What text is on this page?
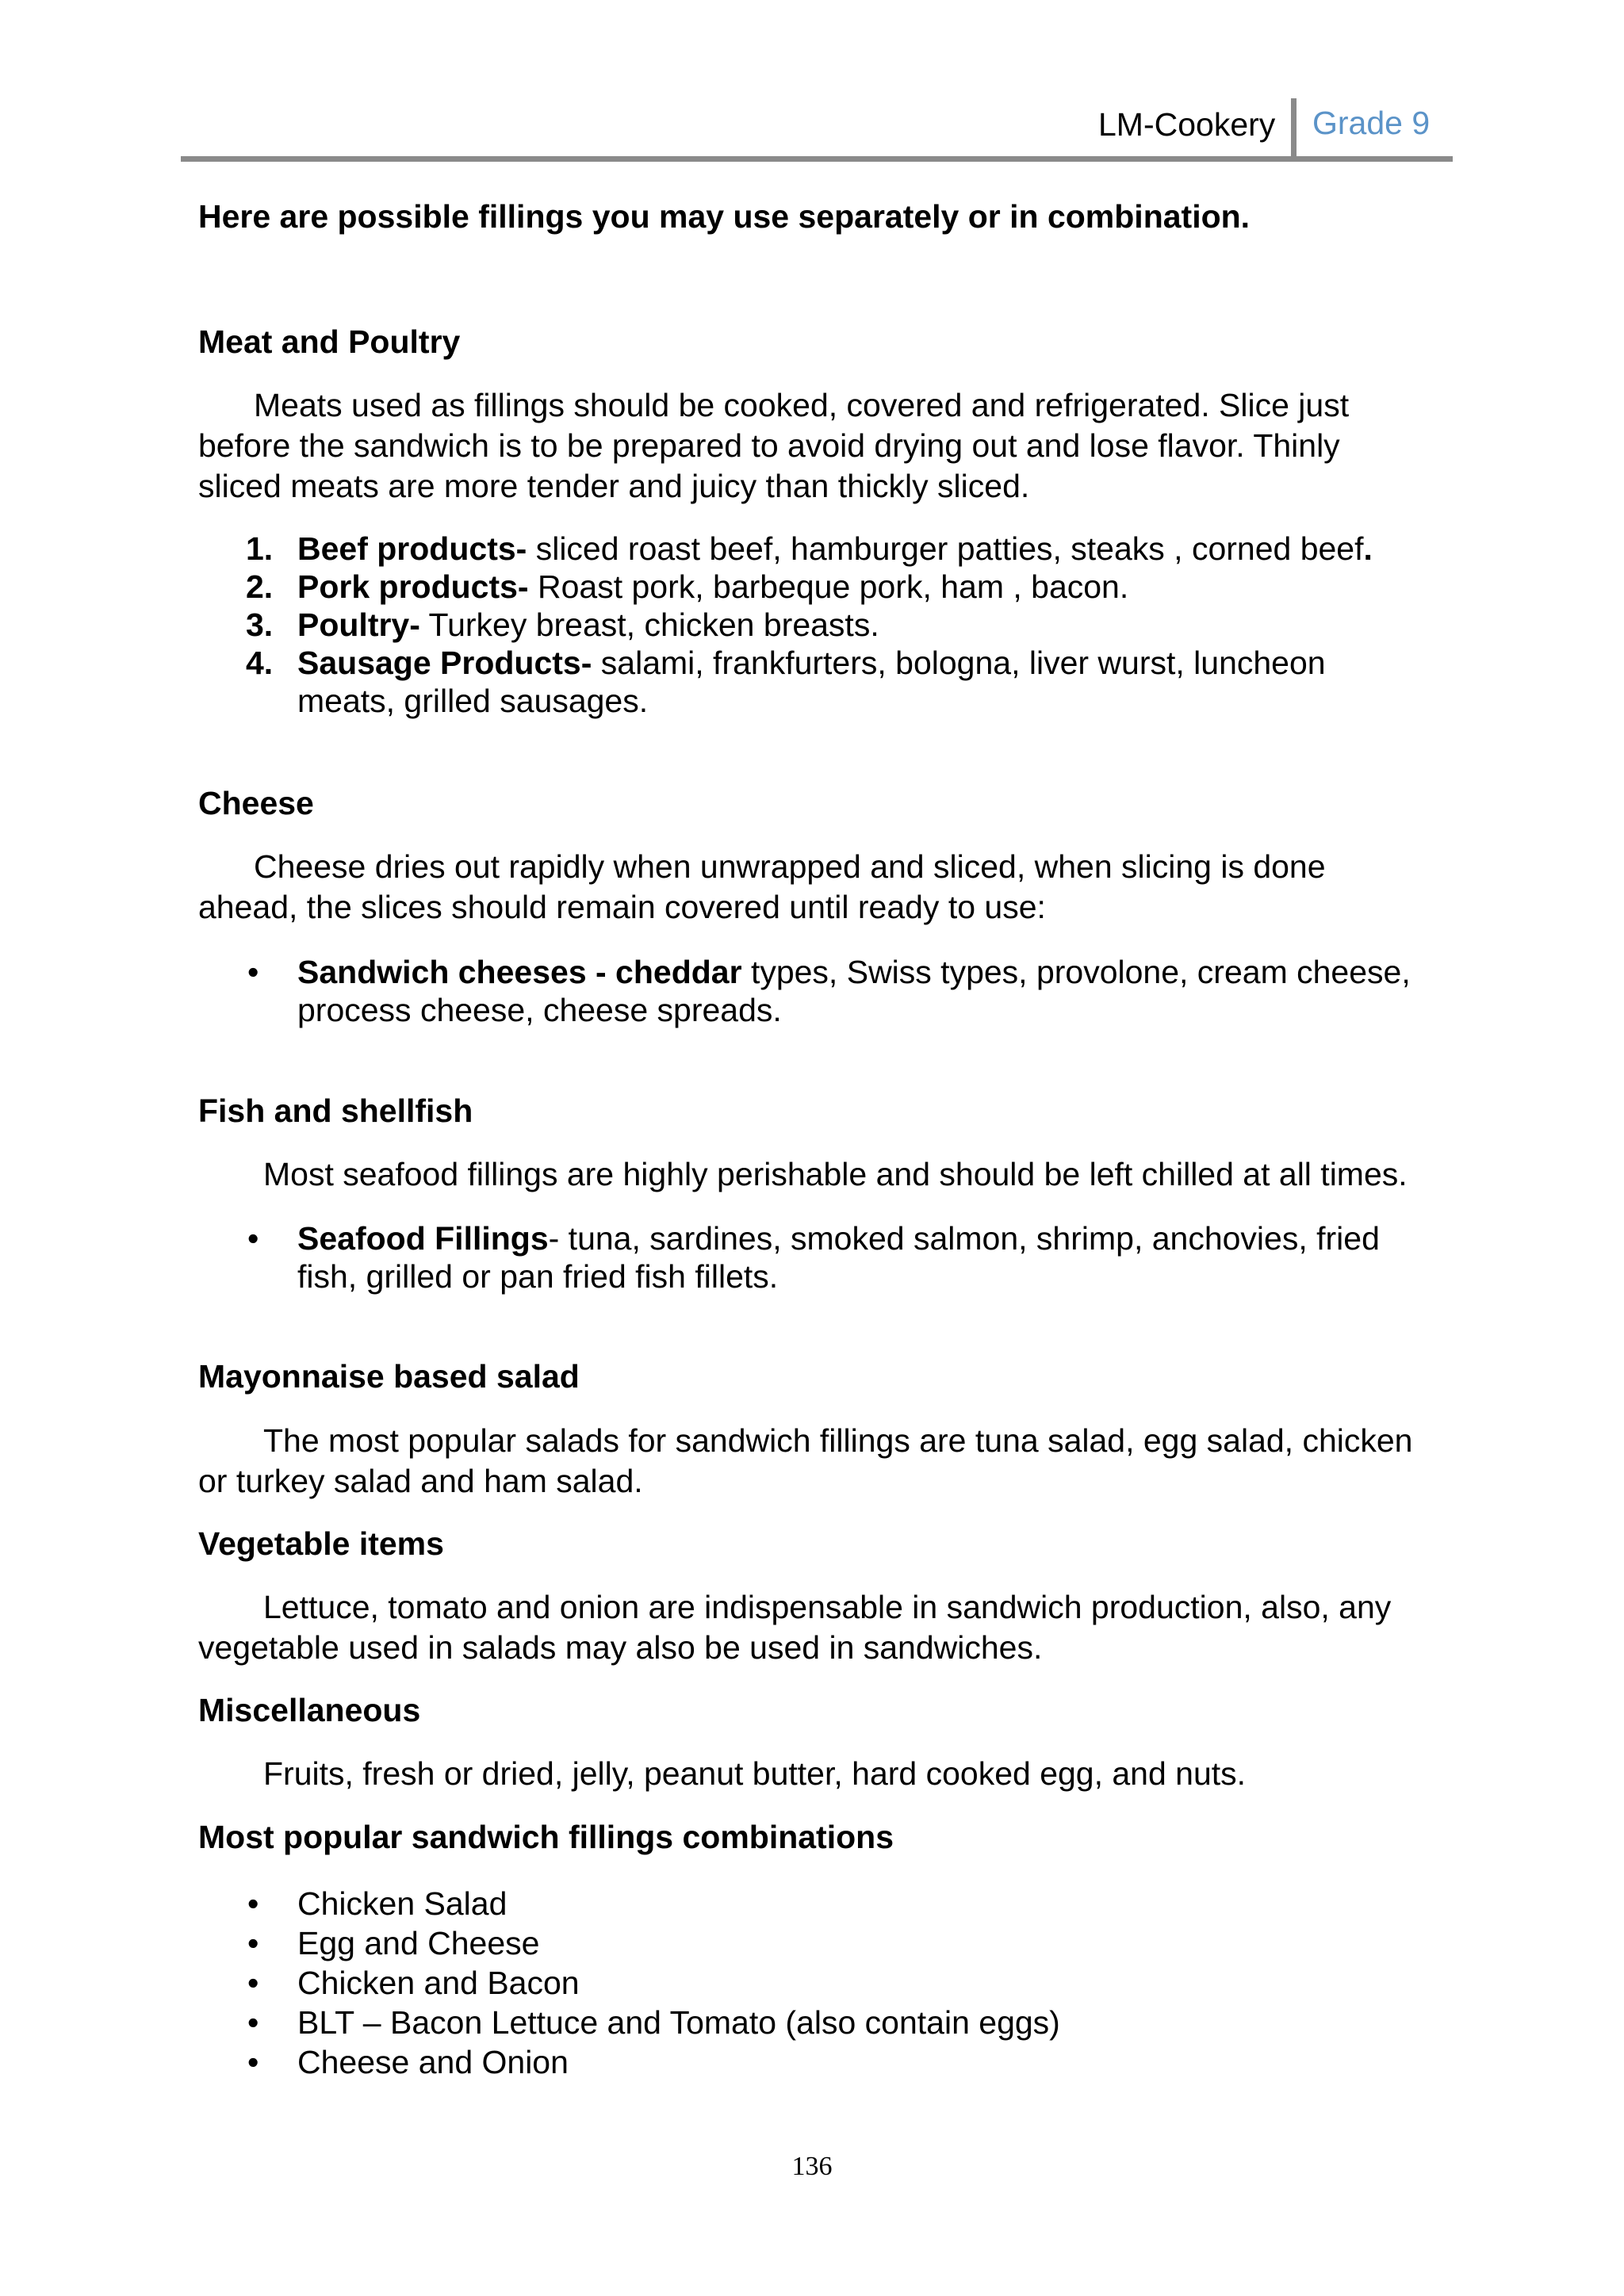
LM-Cookery Grade 9
Here are possible fillings you may use separately or in combination.
Meat and Poultry
Meats used as fillings should be cooked, covered and refrigerated. Slice just
before the sandwich is to be prepared to avoid drying out and lose flavor. Thinly
sliced meats are more tender and juicy than thickly sliced.
1. Beef products- sliced roast beef, hamburger patties, steaks , corned beef.
2. Pork products- Roast pork, barbeque pork, ham , bacon.
3. Poultry- Turkey breast, chicken breasts.
4. Sausage Products- salami, frankfurters, bologna, liver wurst, luncheon
meats, grilled sausages.
Cheese
Cheese dries out rapidly when unwrapped and sliced, when slicing is done
ahead, the slices should remain covered until ready to use:
• Sandwich cheeses - cheddar types, Swiss types, provolone, cream cheese,
process cheese, cheese spreads.
Fish and shellfish
Most seafood fillings are highly perishable and should be left chilled at all times.
• Seafood Fillings- tuna, sardines, smoked salmon, shrimp, anchovies, fried
fish, grilled or pan fried fish fillets.
Mayonnaise based salad
The most popular salads for sandwich fillings are tuna salad, egg salad, chicken
or turkey salad and ham salad.
Vegetable items
Lettuce, tomato and onion are indispensable in sandwich production, also, any
vegetable used in salads may also be used in sandwiches.
Miscellaneous
Fruits, fresh or dried, jelly, peanut butter, hard cooked egg, and nuts.
Most popular sandwich fillings combinations
• Chicken Salad
• Egg and Cheese
• Chicken and Bacon
• BLT – Bacon Lettuce and Tomato (also contain eggs)
• Cheese and Onion
136
